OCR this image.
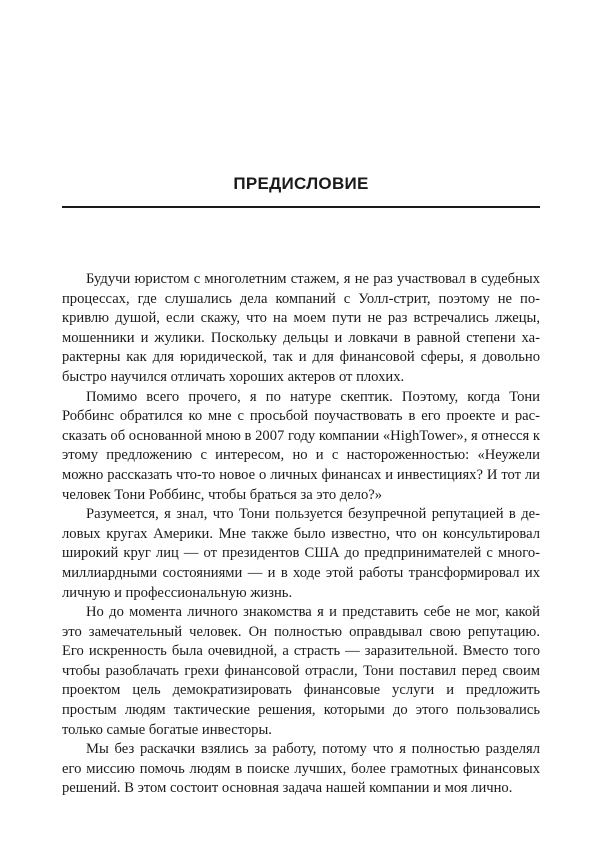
ПРЕДИСЛОВИЕ

Будучи юристом с многолетним стажем, я не раз участвовал в судебных процессах, где слушались дела компаний с Уолл-стрит, поэтому не покривлю душой, если скажу, что на моем пути не раз встречались лжецы, мошенники и жулики. Поскольку дельцы и ловкачи в равной степени характерны как для юридической, так и для финансовой сферы, я довольно быстро научился отличать хороших актеров от плохих.

Помимо всего прочего, я по натуре скептик. Поэтому, когда Тони Роббинс обратился ко мне с просьбой поучаствовать в его проекте и рассказать об основанной мною в 2007 году компании «HighTower», я отнесся к этому предложению с интересом, но и с настороженностью: «Неужели можно рассказать что-то новое о личных финансах и инвестициях? И тот ли человек Тони Роббинс, чтобы браться за это дело?»

Разумеется, я знал, что Тони пользуется безупречной репутацией в деловых кругах Америки. Мне также было известно, что он консультировал широкий круг лиц — от президентов США до предпринимателей с многомиллиардными состояниями — и в ходе этой работы трансформировал их личную и профессиональную жизнь.

Но до момента личного знакомства я и представить себе не мог, какой это замечательный человек. Он полностью оправдывал свою репутацию. Его искренность была очевидной, а страсть — заразительной. Вместо того чтобы разоблачать грехи финансовой отрасли, Тони поставил перед своим проектом цель демократизировать финансовые услуги и предложить простым людям тактические решения, которыми до этого пользовались только самые богатые инвесторы.

Мы без раскачки взялись за работу, потому что я полностью разделял его миссию помочь людям в поиске лучших, более грамотных финансовых решений. В этом состоит основная задача нашей компании и моя лично.
